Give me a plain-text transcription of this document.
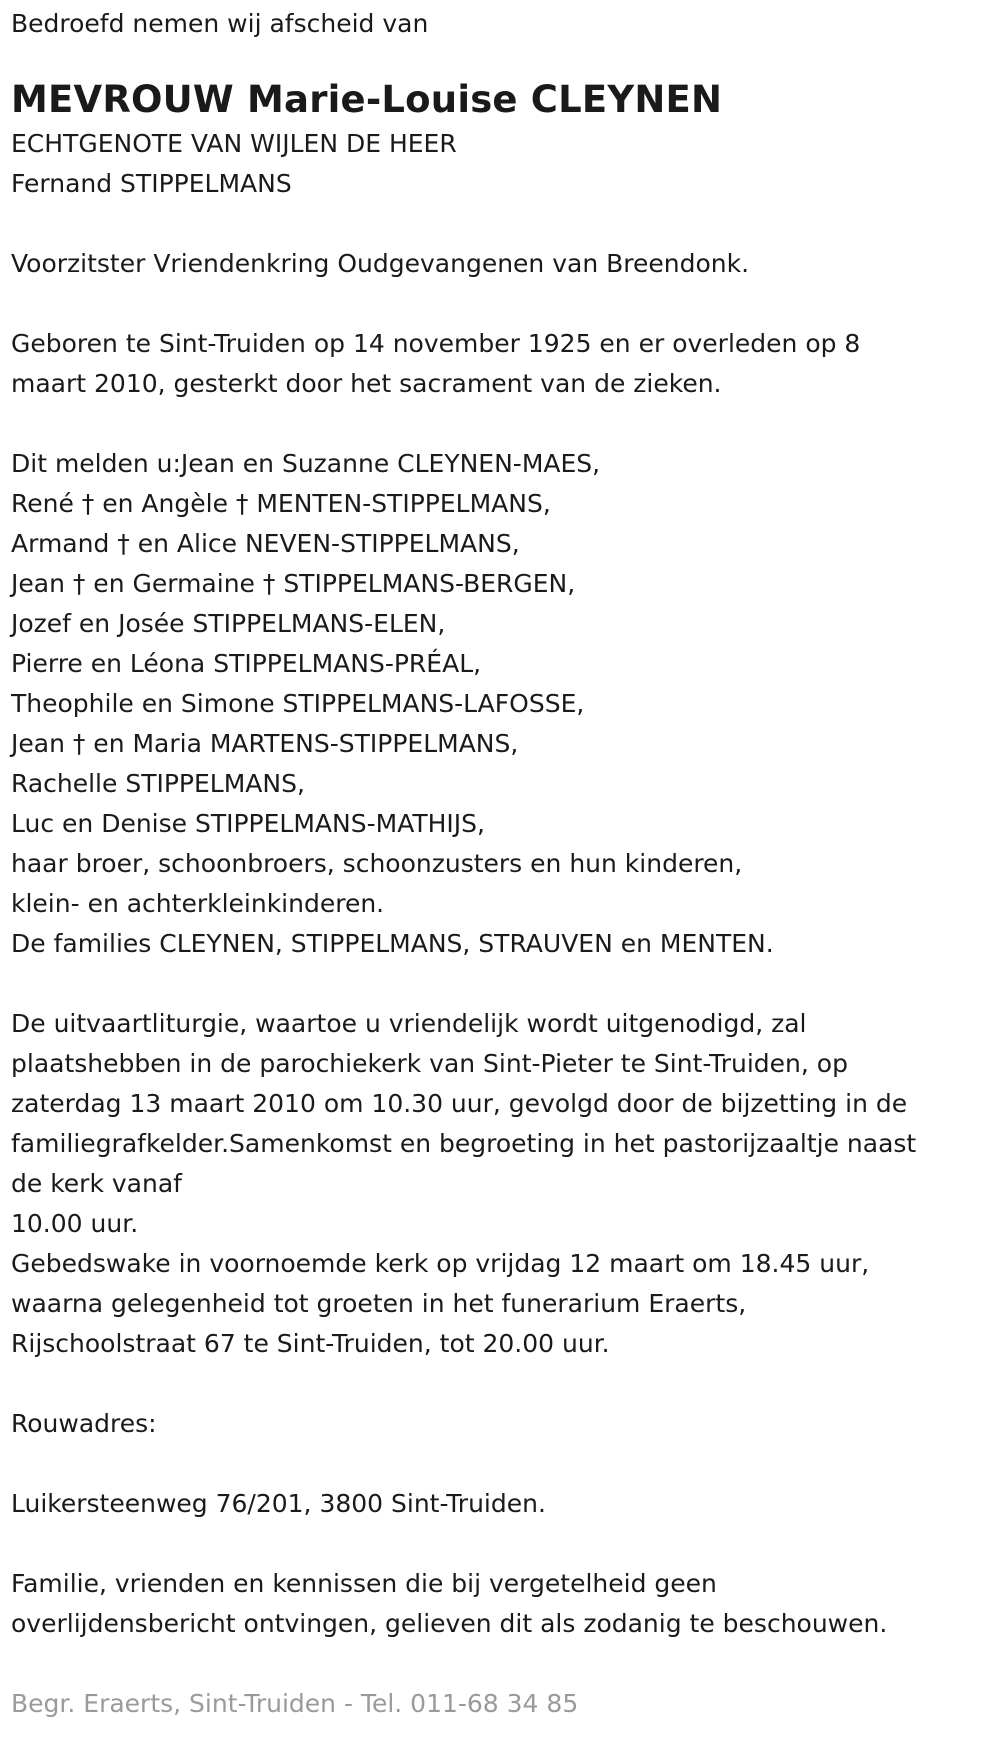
Bedroefd nemen wij afscheid van
MEVROUW Marie-Louise CLEYNEN
ECHTGENOTE VAN WIJLEN DE HEER
Fernand STIPPELMANS
Voorzitster Vriendenkring Oudgevangenen van Breendonk.
Geboren te Sint-Truiden op 14 november 1925 en er overleden op 8
maart 2010, gesterkt door het sacrament van de zieken.
Dit melden u:Jean en Suzanne CLEYNEN-MAES,
René † en Angèle † MENTEN-STIPPELMANS,
Armand † en Alice NEVEN-STIPPELMANS,
Jean † en Germaine † STIPPELMANS-BERGEN,
Jozef en Josée STIPPELMANS-ELEN,
Pierre en Léona STIPPELMANS-PRÉAL,
Theophile en Simone STIPPELMANS-LAFOSSE,
Jean † en Maria MARTENS-STIPPELMANS,
Rachelle STIPPELMANS,
Luc en Denise STIPPELMANS-MATHIJS,
haar broer, schoonbroers, schoonzusters en hun kinderen,
klein- en achterkleinkinderen.
De families CLEYNEN, STIPPELMANS, STRAUVEN en MENTEN.
De uitvaartliturgie, waartoe u vriendelijk wordt uitgenodigd, zal
plaatshebben in de parochiekerk van Sint-Pieter te Sint-Truiden, op
zaterdag 13 maart 2010 om 10.30 uur, gevolgd door de bijzetting in de
familiegrafkelder.Samenkomst en begroeting in het pastorijzaaltje naast
de kerk vanaf
10.00 uur.
Gebedswake in voornoemde kerk op vrijdag 12 maart om 18.45 uur,
waarna gelegenheid tot groeten in het funerarium Eraerts,
Rijschoolstraat 67 te Sint-Truiden, tot 20.00 uur.
Rouwadres:
Luikersteenweg 76/201, 3800 Sint-Truiden.
Familie, vrienden en kennissen die bij vergetelheid geen
overlijdensbericht ontvingen, gelieven dit als zodanig te beschouwen.
Begr. Eraerts, Sint-Truiden - Tel. 011-68 34 85
